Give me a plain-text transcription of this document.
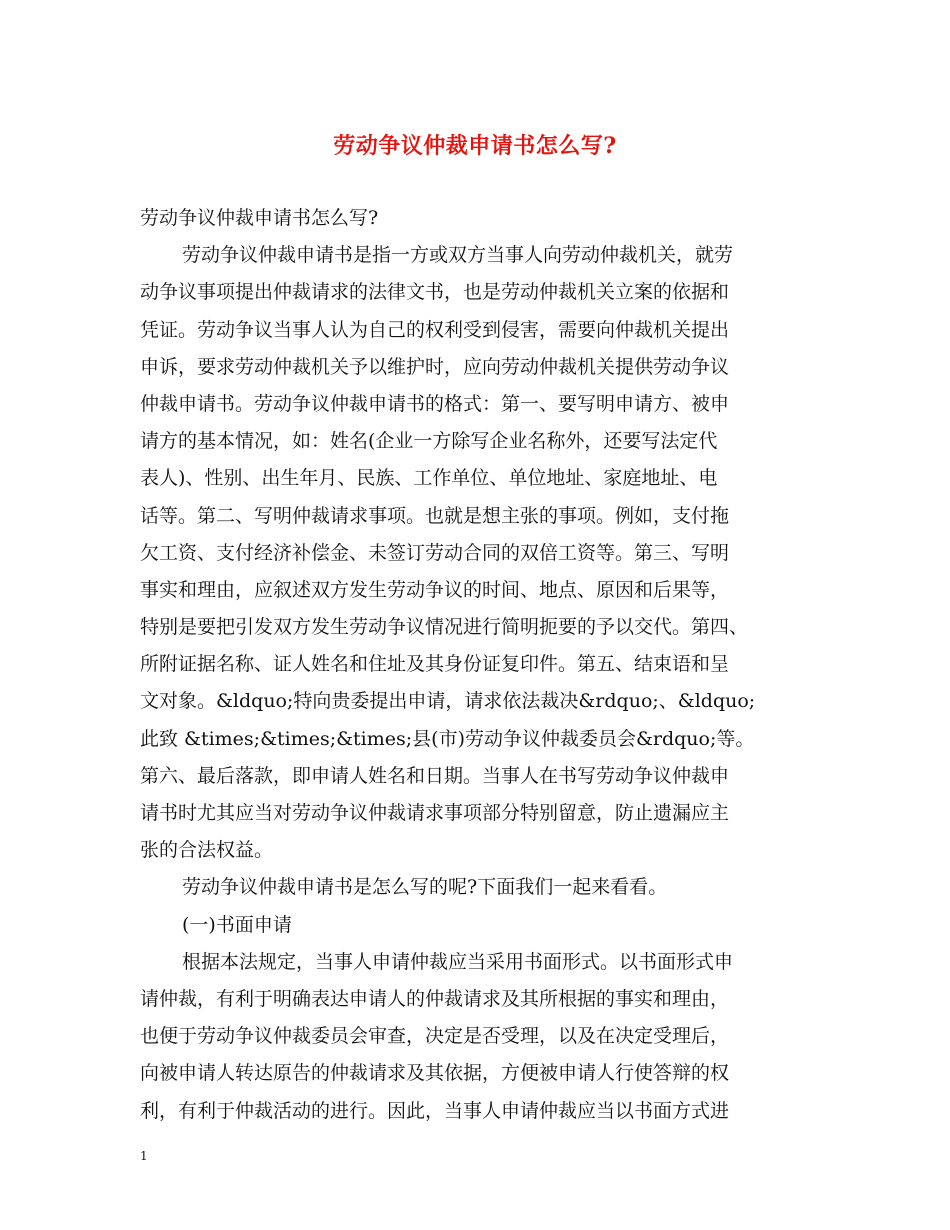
劳动争议仲裁申请书怎么写?
劳动争议仲裁申请书怎么写?
劳动争议仲裁申请书是指一方或双方当事人向劳动仲裁机关，就劳
动争议事项提出仲裁请求的法律文书，也是劳动仲裁机关立案的依据和
凭证。劳动争议当事人认为自己的权利受到侵害，需要向仲裁机关提出
申诉，要求劳动仲裁机关予以维护时，应向劳动仲裁机关提供劳动争议
仲裁申请书。劳动争议仲裁申请书的格式：第一、要写明申请方、被申
请方的基本情况，如：姓名(企业一方除写企业名称外，还要写法定代
表人)、性别、出生年月、民族、工作单位、单位地址、家庭地址、电
话等。第二、写明仲裁请求事项。也就是想主张的事项。例如，支付拖
欠工资、支付经济补偿金、未签订劳动合同的双倍工资等。第三、写明
事实和理由，应叙述双方发生劳动争议的时间、地点、原因和后果等，
特别是要把引发双方发生劳动争议情况进行简明扼要的予以交代。第四、
所附证据名称、证人姓名和住址及其身份证复印件。第五、结束语和呈
文对象。&ldquo;特向贵委提出申请，请求依法裁决&rdquo;、&ldquo;
此致 &times;&times;&times;县(市)劳动争议仲裁委员会&rdquo;等。
第六、最后落款，即申请人姓名和日期。当事人在书写劳动争议仲裁申
请书时尤其应当对劳动争议仲裁请求事项部分特别留意，防止遗漏应主
张的合法权益。
劳动争议仲裁申请书是怎么写的呢?下面我们一起来看看。
(一)书面申请
根据本法规定，当事人申请仲裁应当采用书面形式。以书面形式申
请仲裁，有利于明确表达申请人的仲裁请求及其所根据的事实和理由，
也便于劳动争议仲裁委员会审查，决定是否受理，以及在决定受理后，
向被申请人转达原告的仲裁请求及其依据，方便被申请人行使答辩的权
利，有利于仲裁活动的进行。因此，当事人申请仲裁应当以书面方式进
1
